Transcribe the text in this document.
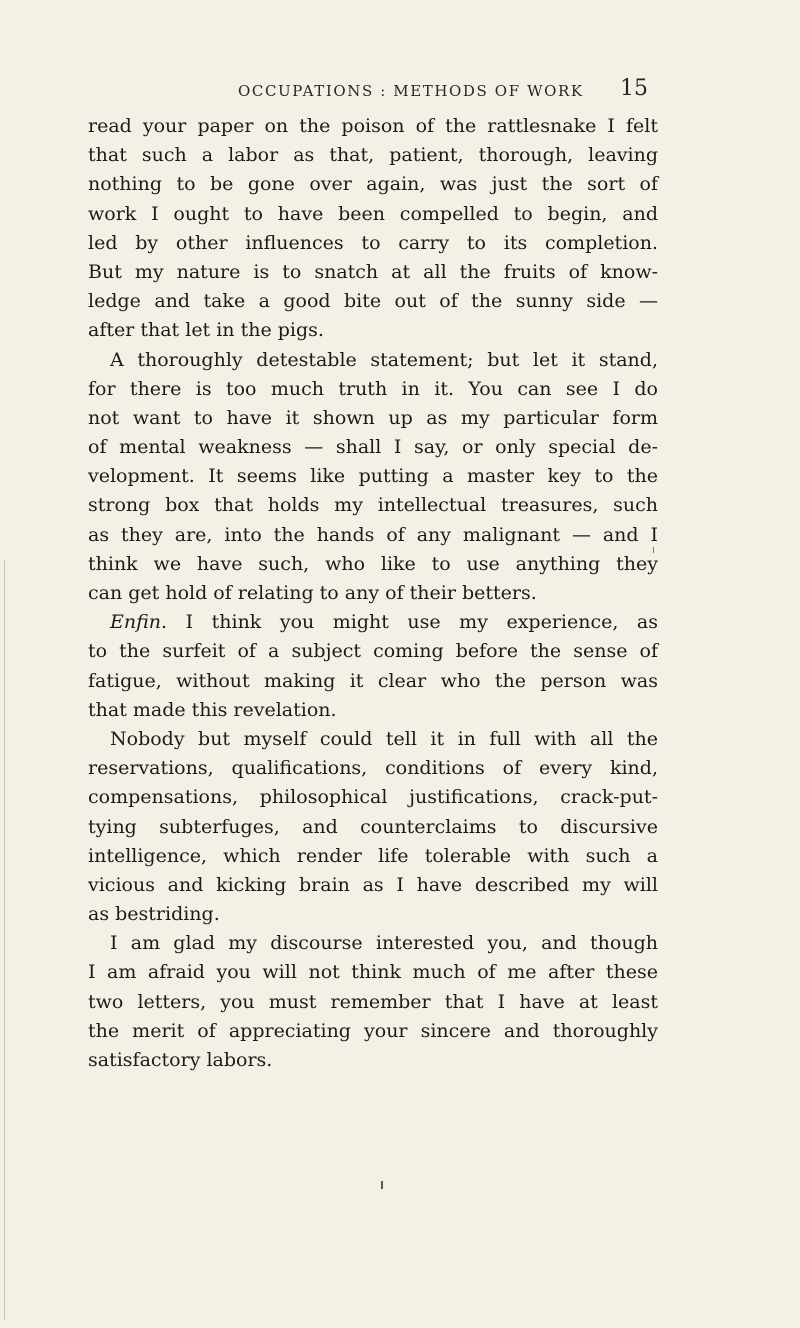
OCCUPATIONS : METHODS OF WORK 15
read your paper on the poison of the rattlesnake I felt
that such a labor as that, patient, thorough, leaving
nothing to be gone over again, was just the sort of
work I ought to have been compelled to begin, and
led by other influences to carry to its completion.
But my nature is to snatch at all the fruits of know-
ledge and take a good bite out of the sunny side —
after that let in the pigs.
A thoroughly detestable statement; but let it stand,
for there is too much truth in it. You can see I do
not want to have it shown up as my particular form
of mental weakness — shall I say, or only special de-
velopment. It seems like putting a master key to the
strong box that holds my intellectual treasures, such
as they are, into the hands of any malignant — and I
think we have such, who like to use anything they
can get hold of relating to any of their betters.
Enfin. I think you might use my experience, as
to the surfeit of a subject coming before the sense of
fatigue, without making it clear who the person was
that made this revelation.
Nobody but myself could tell it in full with all the
reservations, qualifications, conditions of every kind,
compensations, philosophical justifications, crack-put-
tying subterfuges, and counterclaims to discursive
intelligence, which render life tolerable with such a
vicious and kicking brain as I have described my will
as bestriding.
I am glad my discourse interested you, and though
I am afraid you will not think much of me after these
two letters, you must remember that I have at least
the merit of appreciating your sincere and thoroughly
satisfactory labors.
